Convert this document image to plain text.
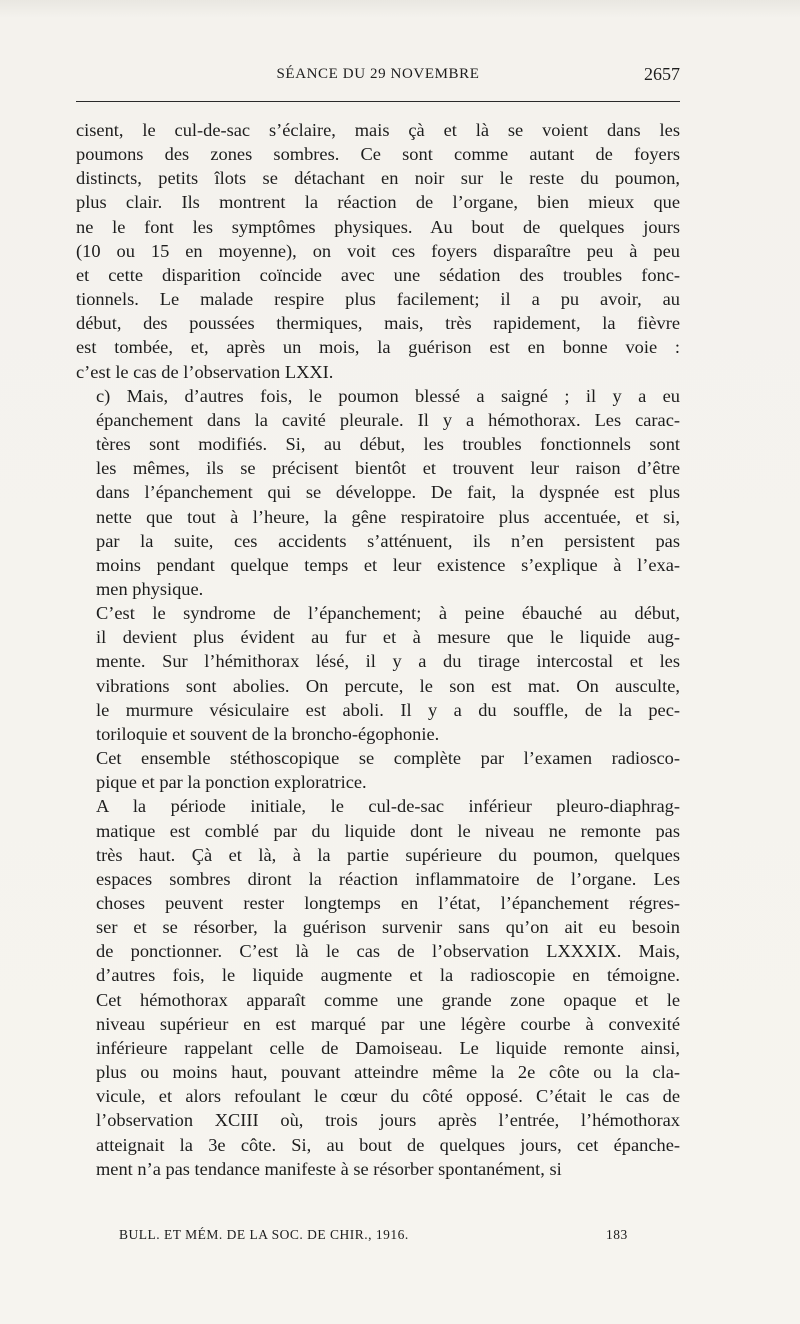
SÉANCE DU 29 NOVEMBRE	2657

cisent, le cul-de-sac s’éclaire, mais çà et là se voient dans les
poumons des zones sombres. Ce sont comme autant de foyers
distincts, petits îlots se détachant en noir sur le reste du poumon,
plus clair. Ils montrent la réaction de l’organe, bien mieux que
ne le font les symptômes physiques. Au bout de quelques jours
(10 ou 15 en moyenne), on voit ces foyers disparaître peu à peu
et cette disparition coïncide avec une sédation des troubles fonc-
tionnels. Le malade respire plus facilement; il a pu avoir, au
début, des poussées thermiques, mais, très rapidement, la fièvre
est tombée, et, après un mois, la guérison est en bonne voie :
c’est le cas de l’observation LXXI.

c) Mais, d’autres fois, le poumon blessé a saigné ; il y a eu
épanchement dans la cavité pleurale. Il y a hémothorax. Les carac-
tères sont modifiés. Si, au début, les troubles fonctionnels sont
les mêmes, ils se précisent bientôt et trouvent leur raison d’être
dans l’épanchement qui se développe. De fait, la dyspnée est plus
nette que tout à l’heure, la gêne respiratoire plus accentuée, et si,
par la suite, ces accidents s’atténuent, ils n’en persistent pas
moins pendant quelque temps et leur existence s’explique à l’exa-
men physique.

C’est le syndrome de l’épanchement; à peine ébauché au début,
il devient plus évident au fur et à mesure que le liquide aug-
mente. Sur l’hémithorax lésé, il y a du tirage intercostal et les
vibrations sont abolies. On percute, le son est mat. On ausculte,
le murmure vésiculaire est aboli. Il y a du souffle, de la pec-
toriloquie et souvent de la broncho-égophonie.

Cet ensemble stéthoscopique se complète par l’examen radiosco-
pique et par la ponction exploratrice.

A la période initiale, le cul-de-sac inférieur pleuro-diaphrag-
matique est comblé par du liquide dont le niveau ne remonte pas
très haut. Çà et là, à la partie supérieure du poumon, quelques
espaces sombres diront la réaction inflammatoire de l’organe. Les
choses peuvent rester longtemps en l’état, l’épanchement régres-
ser et se résorber, la guérison survenir sans qu’on ait eu besoin
de ponctionner. C’est là le cas de l’observation LXXXIX. Mais,
d’autres fois, le liquide augmente et la radioscopie en témoigne.
Cet hémothorax apparaît comme une grande zone opaque et le
niveau supérieur en est marqué par une légère courbe à convexité
inférieure rappelant celle de Damoiseau. Le liquide remonte ainsi,
plus ou moins haut, pouvant atteindre même la 2e côte ou la cla-
vicule, et alors refoulant le cœur du côté opposé. C’était le cas de
l’observation XCIII où, trois jours après l’entrée, l’hémothorax
atteignait la 3e côte. Si, au bout de quelques jours, cet épanche-
ment n’a pas tendance manifeste à se résorber spontanément, si

BULL. ET MÉM. DE LA SOC. DE CHIR., 1916.	183
